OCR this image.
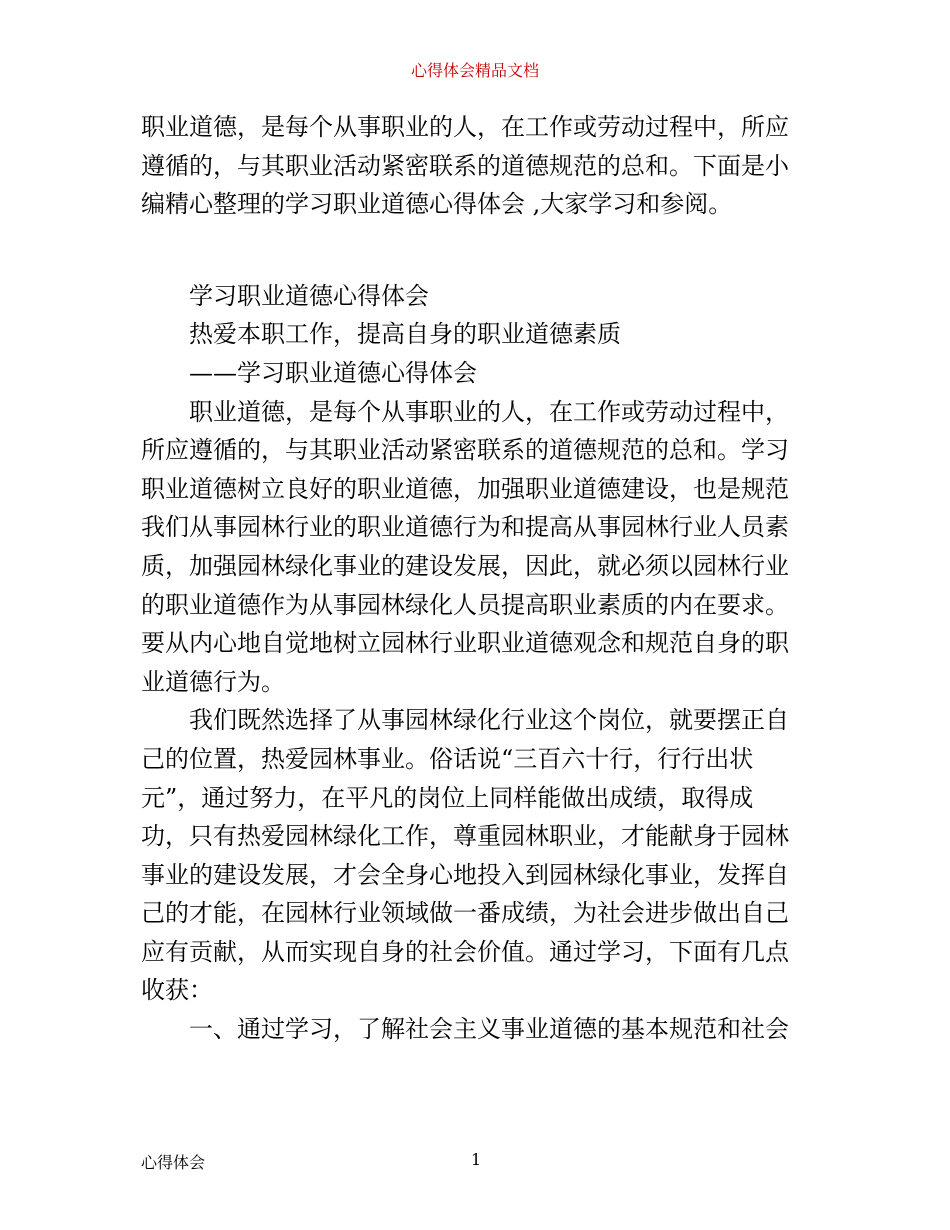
心得体会精品文档
职业道德，是每个从事职业的人，在工作或劳动过程中，所应
遵循的，与其职业活动紧密联系的道德规范的总和。下面是小
编精心整理的学习职业道德心得体会 ,大家学习和参阅。
学习职业道德心得体会
热爱本职工作，提高自身的职业道德素质
——学习职业道德心得体会
职业道德，是每个从事职业的人，在工作或劳动过程中，
所应遵循的，与其职业活动紧密联系的道德规范的总和。学习
职业道德树立良好的职业道德，加强职业道德建设，也是规范
我们从事园林行业的职业道德行为和提高从事园林行业人员素
质，加强园林绿化事业的建设发展，因此，就必须以园林行业
的职业道德作为从事园林绿化人员提高职业素质的内在要求。
要从内心地自觉地树立园林行业职业道德观念和规范自身的职
业道德行为。
我们既然选择了从事园林绿化行业这个岗位，就要摆正自
己的位置，热爱园林事业。俗话说“三百六十行，行行出状
元”，通过努力，在平凡的岗位上同样能做出成绩，取得成
功，只有热爱园林绿化工作，尊重园林职业，才能献身于园林
事业的建设发展，才会全身心地投入到园林绿化事业，发挥自
己的才能，在园林行业领域做一番成绩，为社会进步做出自己
应有贡献，从而实现自身的社会价值。通过学习，下面有几点
收获：
一、通过学习，了解社会主义事业道德的基本规范和社会
心得体会	1
